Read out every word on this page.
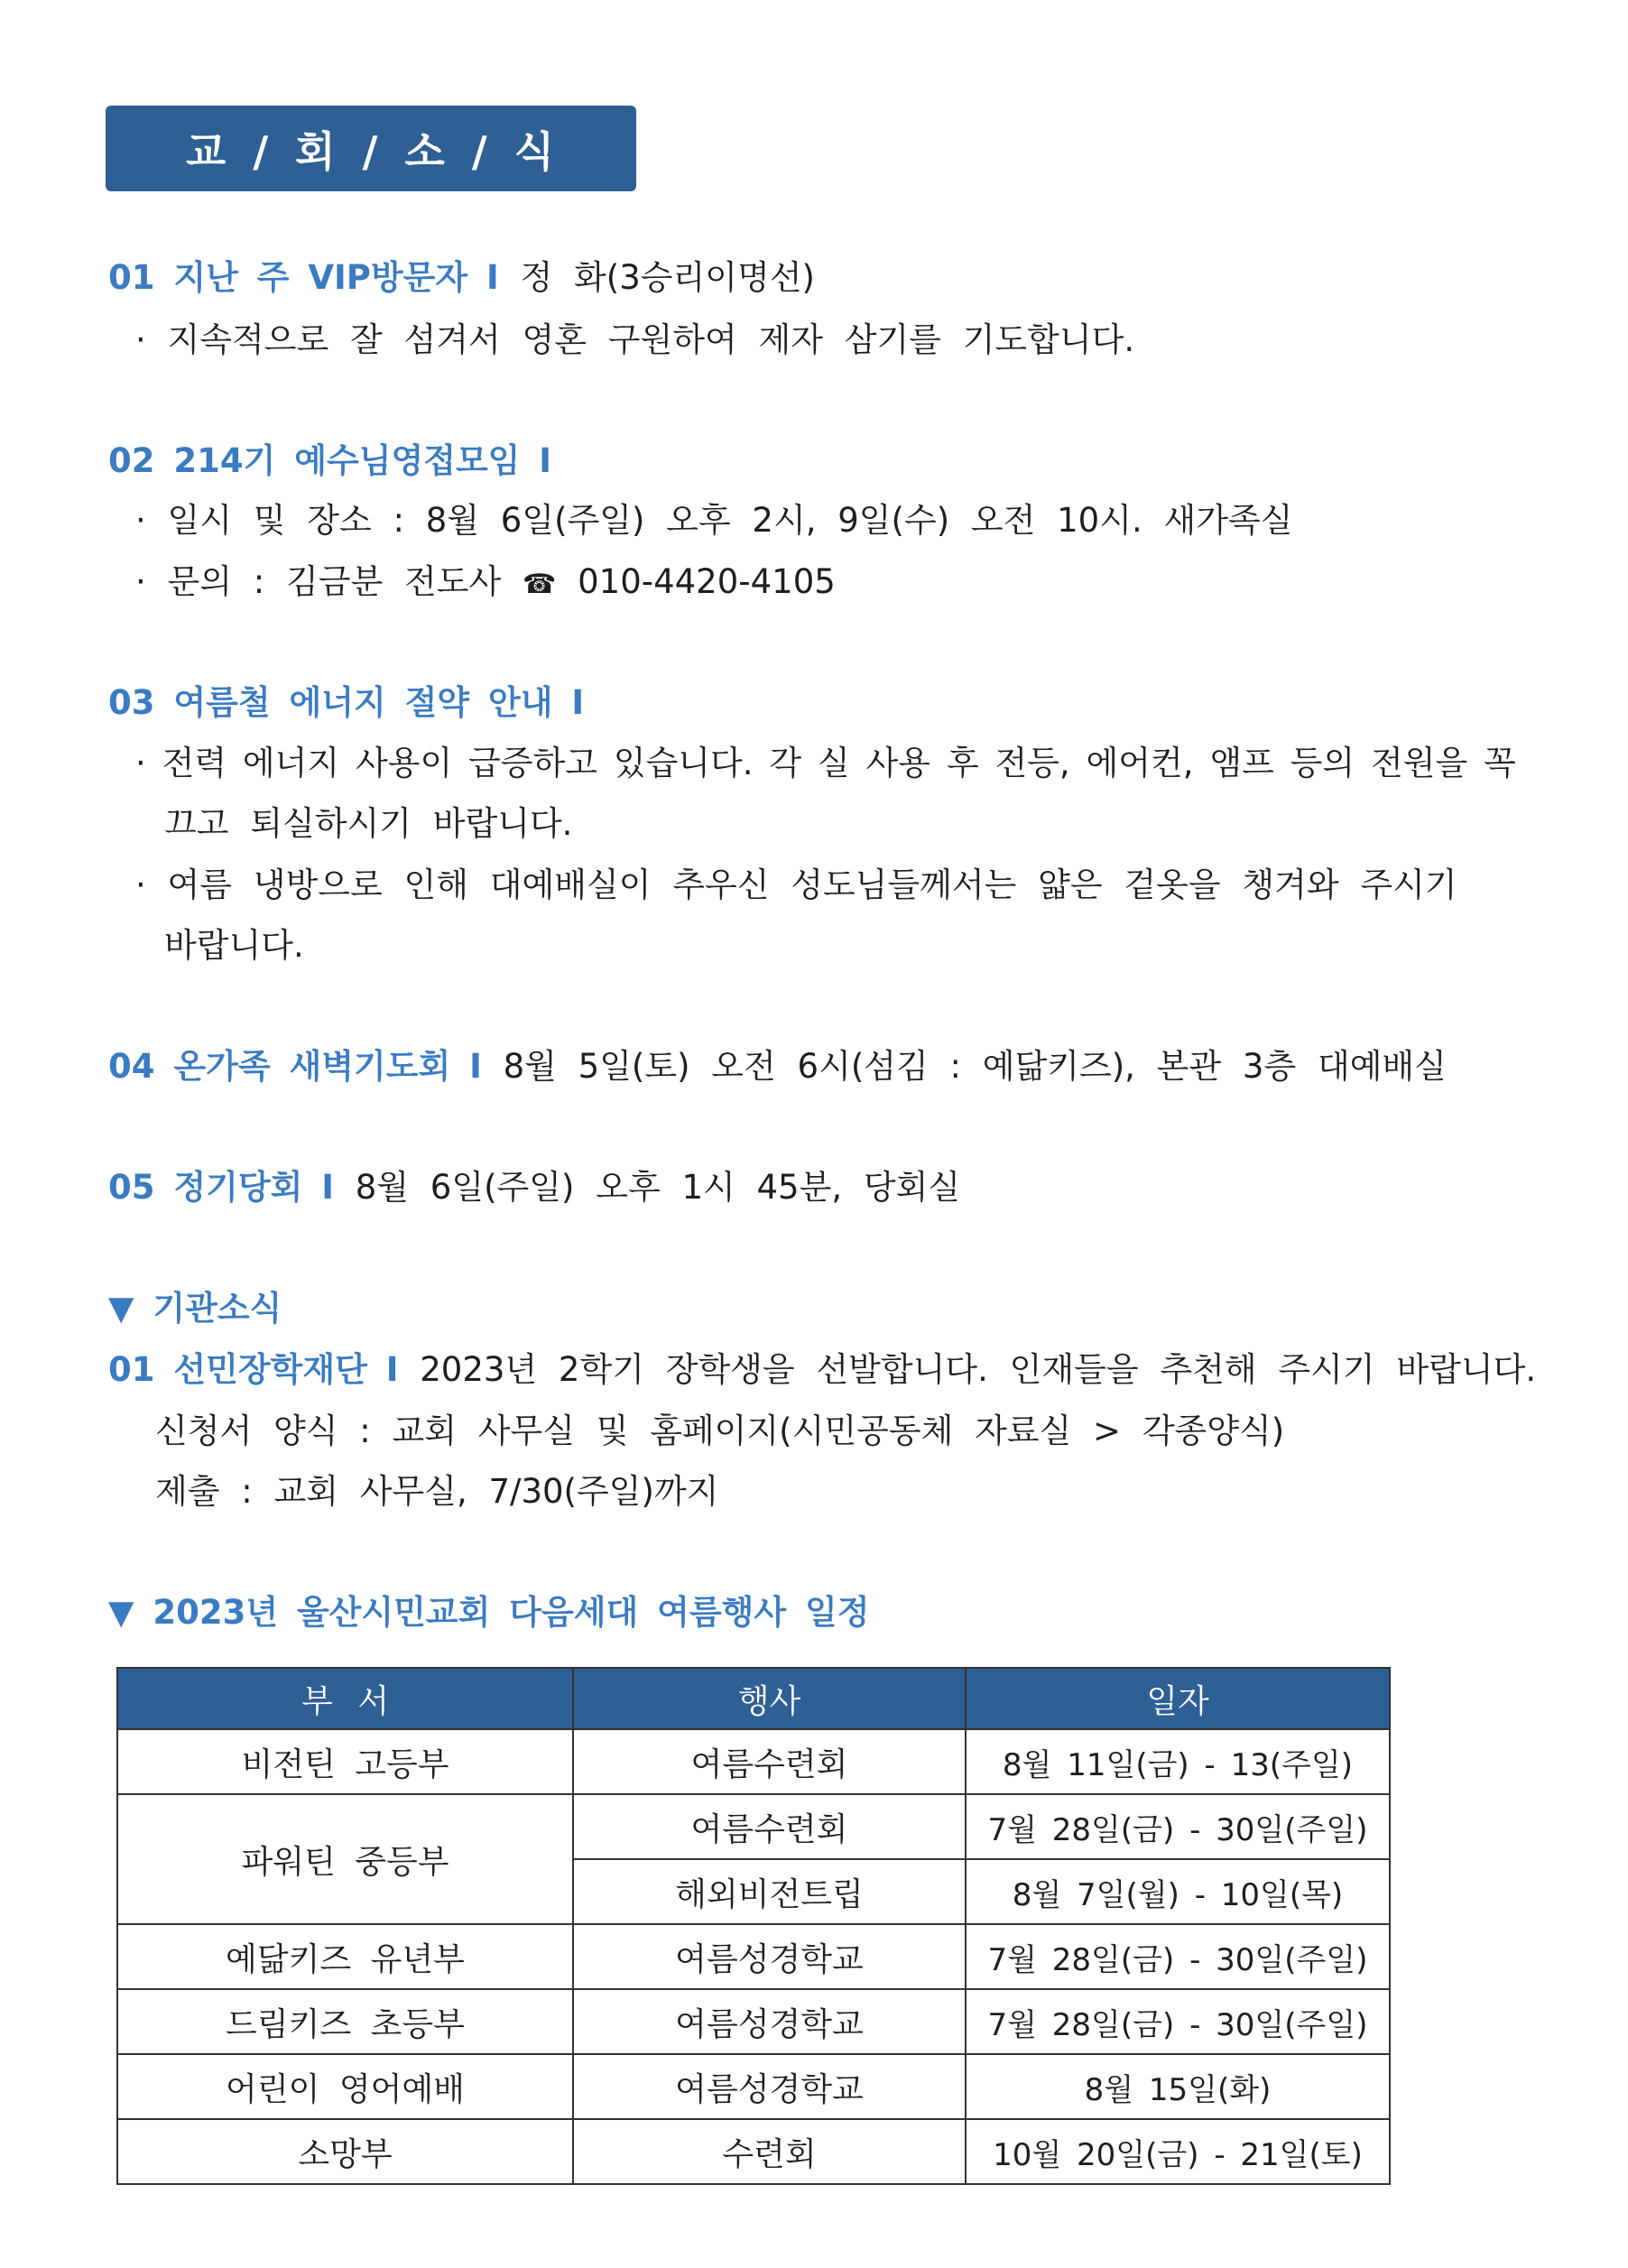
교 / 회 / 소 / 식
01 지난 주 VIP방문자 I 정 화(3승리이명선)
· 지속적으로 잘 섬겨서 영혼 구원하여 제자 삼기를 기도합니다.
02 214기 예수님영접모임 I
· 일시 및 장소 : 8월 6일(주일) 오후 2시, 9일(수) 오전 10시. 새가족실
· 문의 : 김금분 전도사 ☎ 010-4420-4105
03 여름철 에너지 절약 안내 I
· 전력 에너지 사용이 급증하고 있습니다. 각 실 사용 후 전등, 에어컨, 앰프 등의 전원을 꼭
끄고 퇴실하시기 바랍니다.
· 여름 냉방으로 인해 대예배실이 추우신 성도님들께서는 얇은 겉옷을 챙겨와 주시기
바랍니다.
04 온가족 새벽기도회 I 8월 5일(토) 오전 6시(섬김 : 예닮키즈), 본관 3층 대예배실
05 정기당회 I 8월 6일(주일) 오후 1시 45분, 당회실
▼ 기관소식
01 선민장학재단 I 2023년 2학기 장학생을 선발합니다. 인재들을 추천해 주시기 바랍니다.
신청서 양식 : 교회 사무실 및 홈페이지(시민공동체 자료실 > 각종양식)
제출 : 교회 사무실, 7/30(주일)까지
▼ 2023년 울산시민교회 다음세대 여름행사 일정
부 서	행사	일자
비전틴 고등부	여름수련회	8월 11일(금) - 13(주일)
파워틴 중등부	여름수련회	7월 28일(금) - 30일(주일)
	해외비전트립	8월 7일(월) - 10일(목)
예닮키즈 유년부	여름성경학교	7월 28일(금) - 30일(주일)
드림키즈 초등부	여름성경학교	7월 28일(금) - 30일(주일)
어린이 영어예배	여름성경학교	8월 15일(화)
소망부	수련회	10월 20일(금) - 21일(토)
